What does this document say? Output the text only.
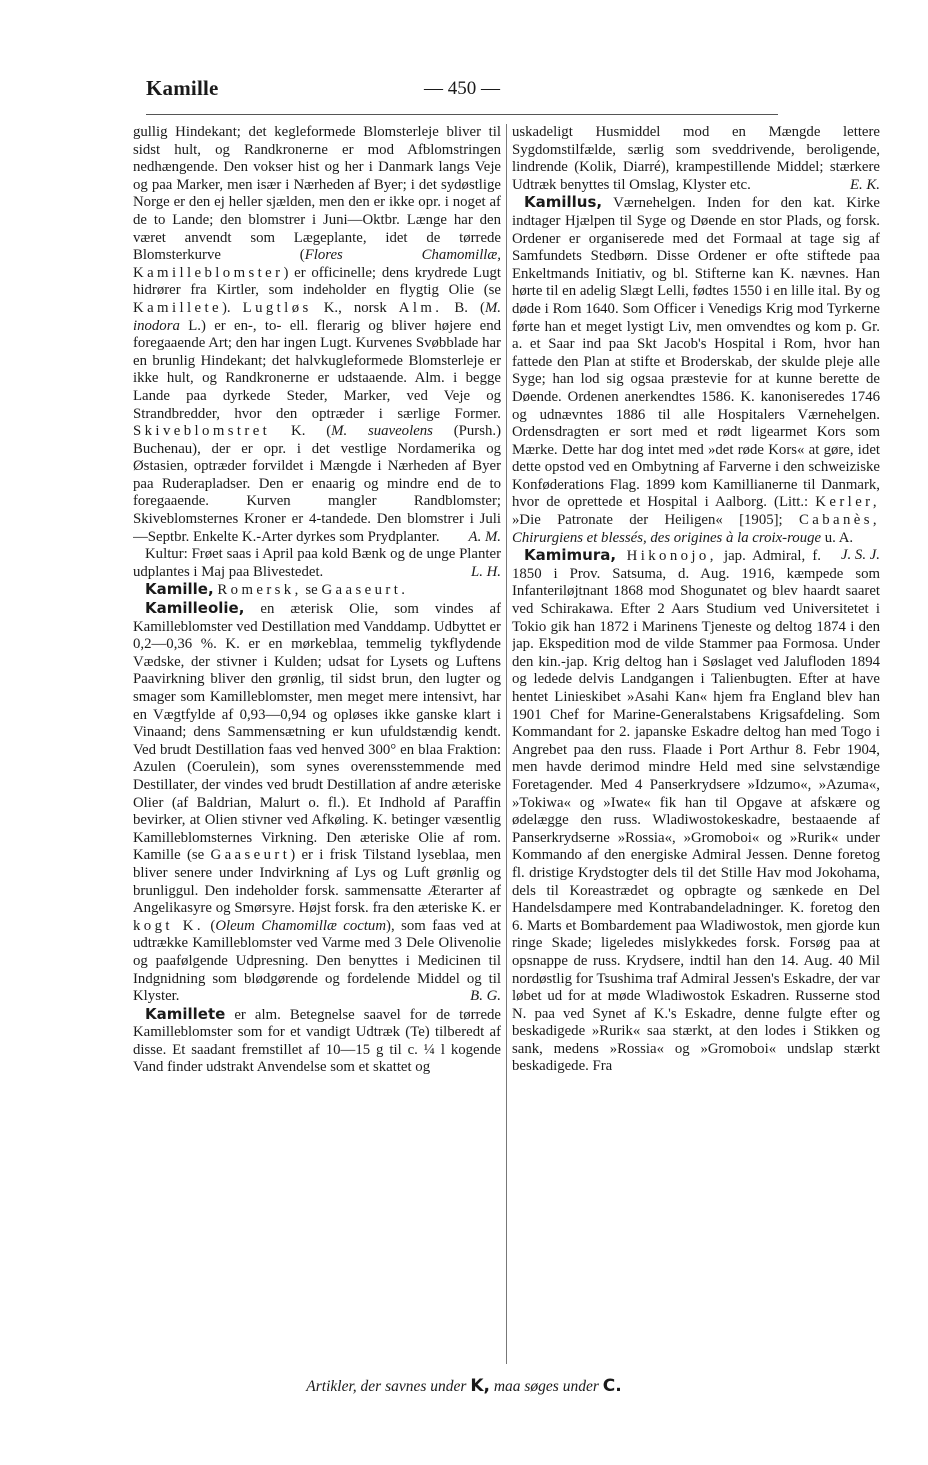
Kamille	— 450 —

gullig Hindekant; det kegleformede Blomsterleje bliver til sidst hult, og Randkronerne er mod Afblomstringen nedhængende. Den vokser hist og her i Danmark langs Veje og paa Marker, men især i Nærheden af Byer; i det sydøstlige Norge er den ej heller sjælden, men den er ikke opr. i noget af de to Lande; den blomstrer i Juni—Oktbr. Længe har den været anvendt som Lægeplante, idet de tørrede Blomsterkurve (Flores Chamomillæ, Kamilleblomster) er officinelle; dens krydrede Lugt hidrører fra Kirtler, som indeholder en flygtig Olie (se Kamillete). Lugtløs K., norsk Alm. B. (M. inodora L.) er en-, to- ell. flerarig og bliver højere end foregaaende Art; den har ingen Lugt. Kurvenes Svøbblade har en brunlig Hindekant; det halvkugleformede Blomsterleje er ikke hult, og Randkronerne er udstaaende. Alm. i begge Lande paa dyrkede Steder, Marker, ved Veje og Strandbredder, hvor den optræder i særlige Former. Skiveblomstret K. (M. suaveolens (Pursh.) Buchenau), der er opr. i det vestlige Nordamerika og Østasien, optræder forvildet i Mængde i Nærheden af Byer paa Ruderapladser. Den er enaarig og mindre end de to foregaaende. Kurven mangler Randblomster; Skiveblomsternes Kroner er 4-tandede. Den blomstrer i Juli—Septbr. Enkelte K.-Arter dyrkes som Prydplanter.	A. M.

Kultur: Frøet saas i April paa kold Bænk og de unge Planter udplantes i Maj paa Blivestedet.	L. H.

Kamille, Romersk, se Gaaseurt.

Kamilleolie, en æterisk Olie, som vindes af Kamilleblomster ved Destillation med Vanddamp. Udbyttet er 0,2—0,36 %. K. er en mørkeblaa, temmelig tykflydende Vædske, der stivner i Kulden; udsat for Lysets og Luftens Paavirkning bliver den grønlig, til sidst brun, den lugter og smager som Kamilleblomster, men meget mere intensivt, har en Vægtfylde af 0,93—0,94 og opløses ikke ganske klart i Vinaand; dens Sammensætning er kun ufuldstændig kendt. Ved brudt Destillation faas ved henved 300° en blaa Fraktion: Azulen (Coerulein), som synes overensstemmende med Destillater, der vindes ved brudt Destillation af andre æteriske Olier (af Baldrian, Malurt o. fl.). Et Indhold af Paraffin bevirker, at Olien stivner ved Afkøling. K. betinger væsentlig Kamilleblomsternes Virkning. Den æteriske Olie af rom. Kamille (se Gaaseurt) er i frisk Tilstand lyseblaa, men bliver senere under Indvirkning af Lys og Luft grønlig og brunliggul. Den indeholder forsk. sammensatte Æterarter af Angelikasyre og Smørsyre. Højst forsk. fra den æteriske K. er kogt K. (Oleum Chamomillæ coctum), som faas ved at udtrække Kamilleblomster ved Varme med 3 Dele Olivenolie og paafølgende Udpresning. Den benyttes i Medicinen til Indgnidning som blødgørende og fordelende Middel og til Klyster.	B. G.

Kamillete er alm. Betegnelse saavel for de tørrede Kamilleblomster som for et vandigt Udtræk (Te) tilberedt af disse. Et saadant fremstillet af 10—15 g til c. ¼ l kogende Vand finder udstrakt Anvendelse som et skattet og

uskadeligt Husmiddel mod en Mængde lettere Sygdomstilfælde, særlig som sveddrivende, beroligende, lindrende (Kolik, Diarré), krampestillende Middel; stærkere Udtræk benyttes til Omslag, Klyster etc.	E. K.

Kamillus, Værnehelgen. Inden for den kat. Kirke indtager Hjælpen til Syge og Døende en stor Plads, og forsk. Ordener er organiserede med det Formaal at tage sig af Samfundets Stedbørn. Disse Ordener er ofte stiftede paa Enkeltmands Initiativ, og bl. Stifterne kan K. nævnes. Han hørte til en adelig Slægt Lelli, fødtes 1550 i en lille ital. By og døde i Rom 1640. Som Officer i Venedigs Krig mod Tyrkerne førte han et meget lystigt Liv, men omvendtes og kom p. Gr. a. et Saar ind paa Skt Jacob's Hospital i Rom, hvor han fattede den Plan at stifte et Broderskab, der skulde pleje alle Syge; han lod sig ogsaa præstevie for at kunne berette de Døende. Ordenen anerkendtes 1586. K. kanoniseredes 1746 og udnævntes 1886 til alle Hospitalers Værnehelgen. Ordensdragten er sort med et rødt ligearmet Kors som Mærke. Dette har dog intet med »det røde Kors« at gøre, idet dette opstod ved en Ombytning af Farverne i den schweiziske Konføderations Flag. 1899 kom Kamillianerne til Danmark, hvor de oprettede et Hospital i Aalborg. (Litt.: Kerler, »Die Patronate der Heiligen« [1905]; Cabanès, Chirurgiens et blessés, des origines à la croix-rouge u. A.
J. S. J.

Kamimura, Hikonojo, jap. Admiral, f. 1850 i Prov. Satsuma, d. Aug. 1916, kæmpede som Infanteriløjtnant 1868 mod Shogunatet og blev haardt saaret ved Schirakawa. Efter 2 Aars Studium ved Universitetet i Tokio gik han 1872 i Marinens Tjeneste og deltog 1874 i den jap. Ekspedition mod de vilde Stammer paa Formosa. Under den kin.-jap. Krig deltog han i Søslaget ved Jalufloden 1894 og ledede delvis Landgangen i Talienbugten. Efter at have hentet Linieskibet »Asahi Kan« hjem fra England blev han 1901 Chef for Marine-Generalstabens Krigsafdeling. Som Kommandant for 2. japanske Eskadre deltog han med Togo i Angrebet paa den russ. Flaade i Port Arthur 8. Febr 1904, men havde derimod mindre Held med sine selvstændige Foretagender. Med 4 Panserkrydsere »Idzumo«, »Azuma«, »Tokiwa« og »Iwate« fik han til Opgave at afskære og ødelægge den russ. Wladiwostokeskadre, bestaaende af Panserkrydserne »Rossia«, »Gromoboi« og »Rurik« under Kommando af den energiske Admiral Jessen. Denne foretog fl. dristige Krydstogter dels til det Stille Hav mod Jokohama, dels til Koreastrædet og opbragte og sænkede en Del Handelsdampere med Kontrabandeladninger. K. foretog den 6. Marts et Bombardement paa Wladiwostok, men gjorde kun ringe Skade; ligeledes mislykkedes forsk. Forsøg paa at opsnappe de russ. Krydsere, indtil han den 14. Aug. 40 Mil nordøstlig for Tsushima traf Admiral Jessen's Eskadre, der var løbet ud for at møde Wladiwostok Eskadren. Russerne stod N. paa ved Synet af K.'s Eskadre, denne fulgte efter og beskadigede »Rurik« saa stærkt, at den lodes i Stikken og sank, medens »Rossia« og »Gromoboi« undslap stærkt beskadigede. Fra

Artikler, der savnes under K, maa søges under C.
